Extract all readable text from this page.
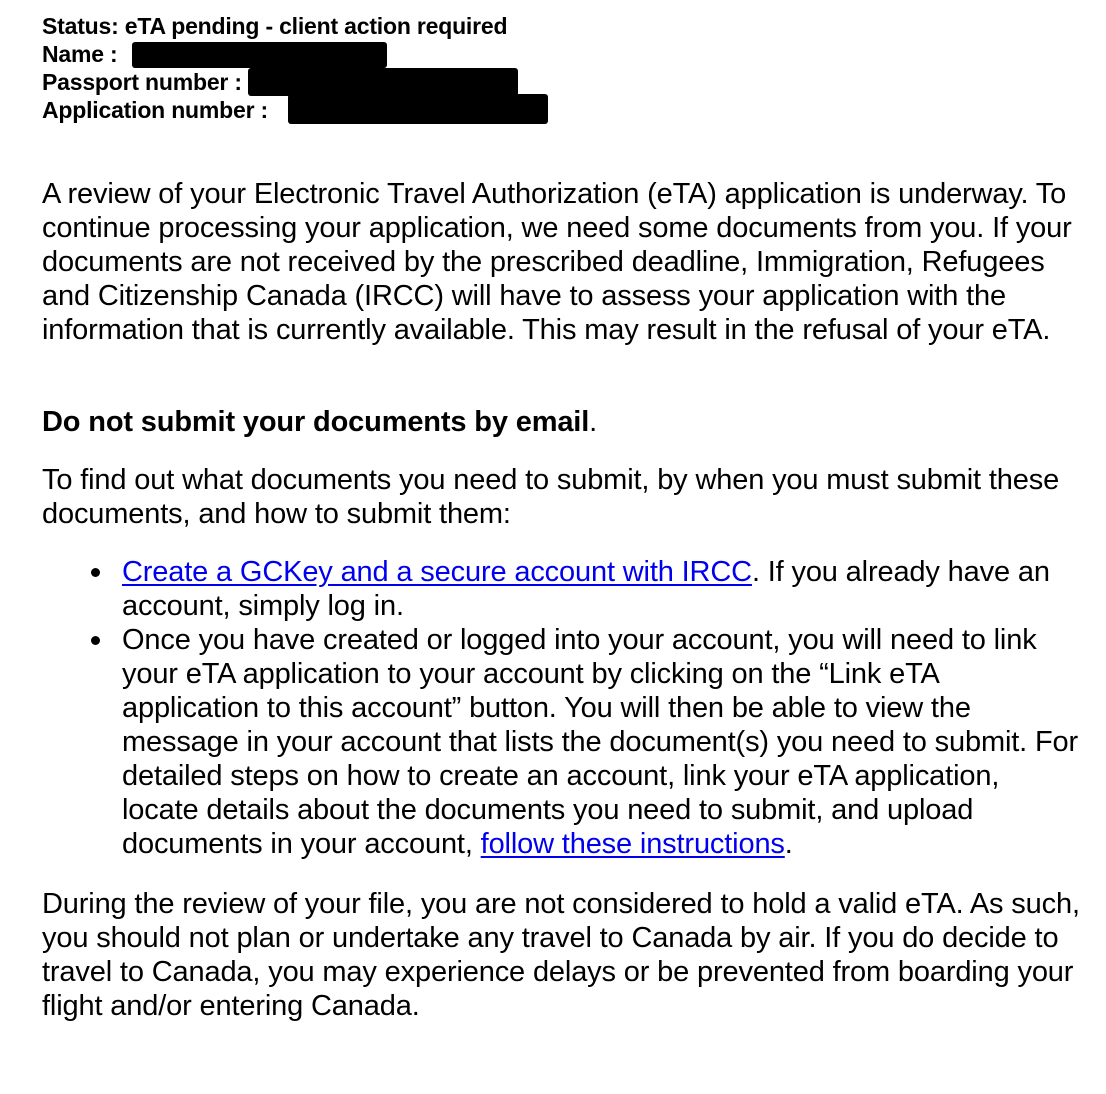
Status: eTA pending - client action required
Name :
Passport number :
Application number :
A review of your Electronic Travel Authorization (eTA) application is underway. To continue processing your application, we need some documents from you. If your documents are not received by the prescribed deadline, Immigration, Refugees and Citizenship Canada (IRCC) will have to assess your application with the information that is currently available. This may result in the refusal of your eTA.
Do not submit your documents by email.
To find out what documents you need to submit, by when you must submit these documents, and how to submit them:
Create a GCKey and a secure account with IRCC. If you already have an account, simply log in.
Once you have created or logged into your account, you will need to link your eTA application to your account by clicking on the “Link eTA application to this account” button. You will then be able to view the message in your account that lists the document(s) you need to submit. For detailed steps on how to create an account, link your eTA application, locate details about the documents you need to submit, and upload documents in your account, follow these instructions.
During the review of your file, you are not considered to hold a valid eTA. As such, you should not plan or undertake any travel to Canada by air. If you do decide to travel to Canada, you may experience delays or be prevented from boarding your flight and/or entering Canada.
